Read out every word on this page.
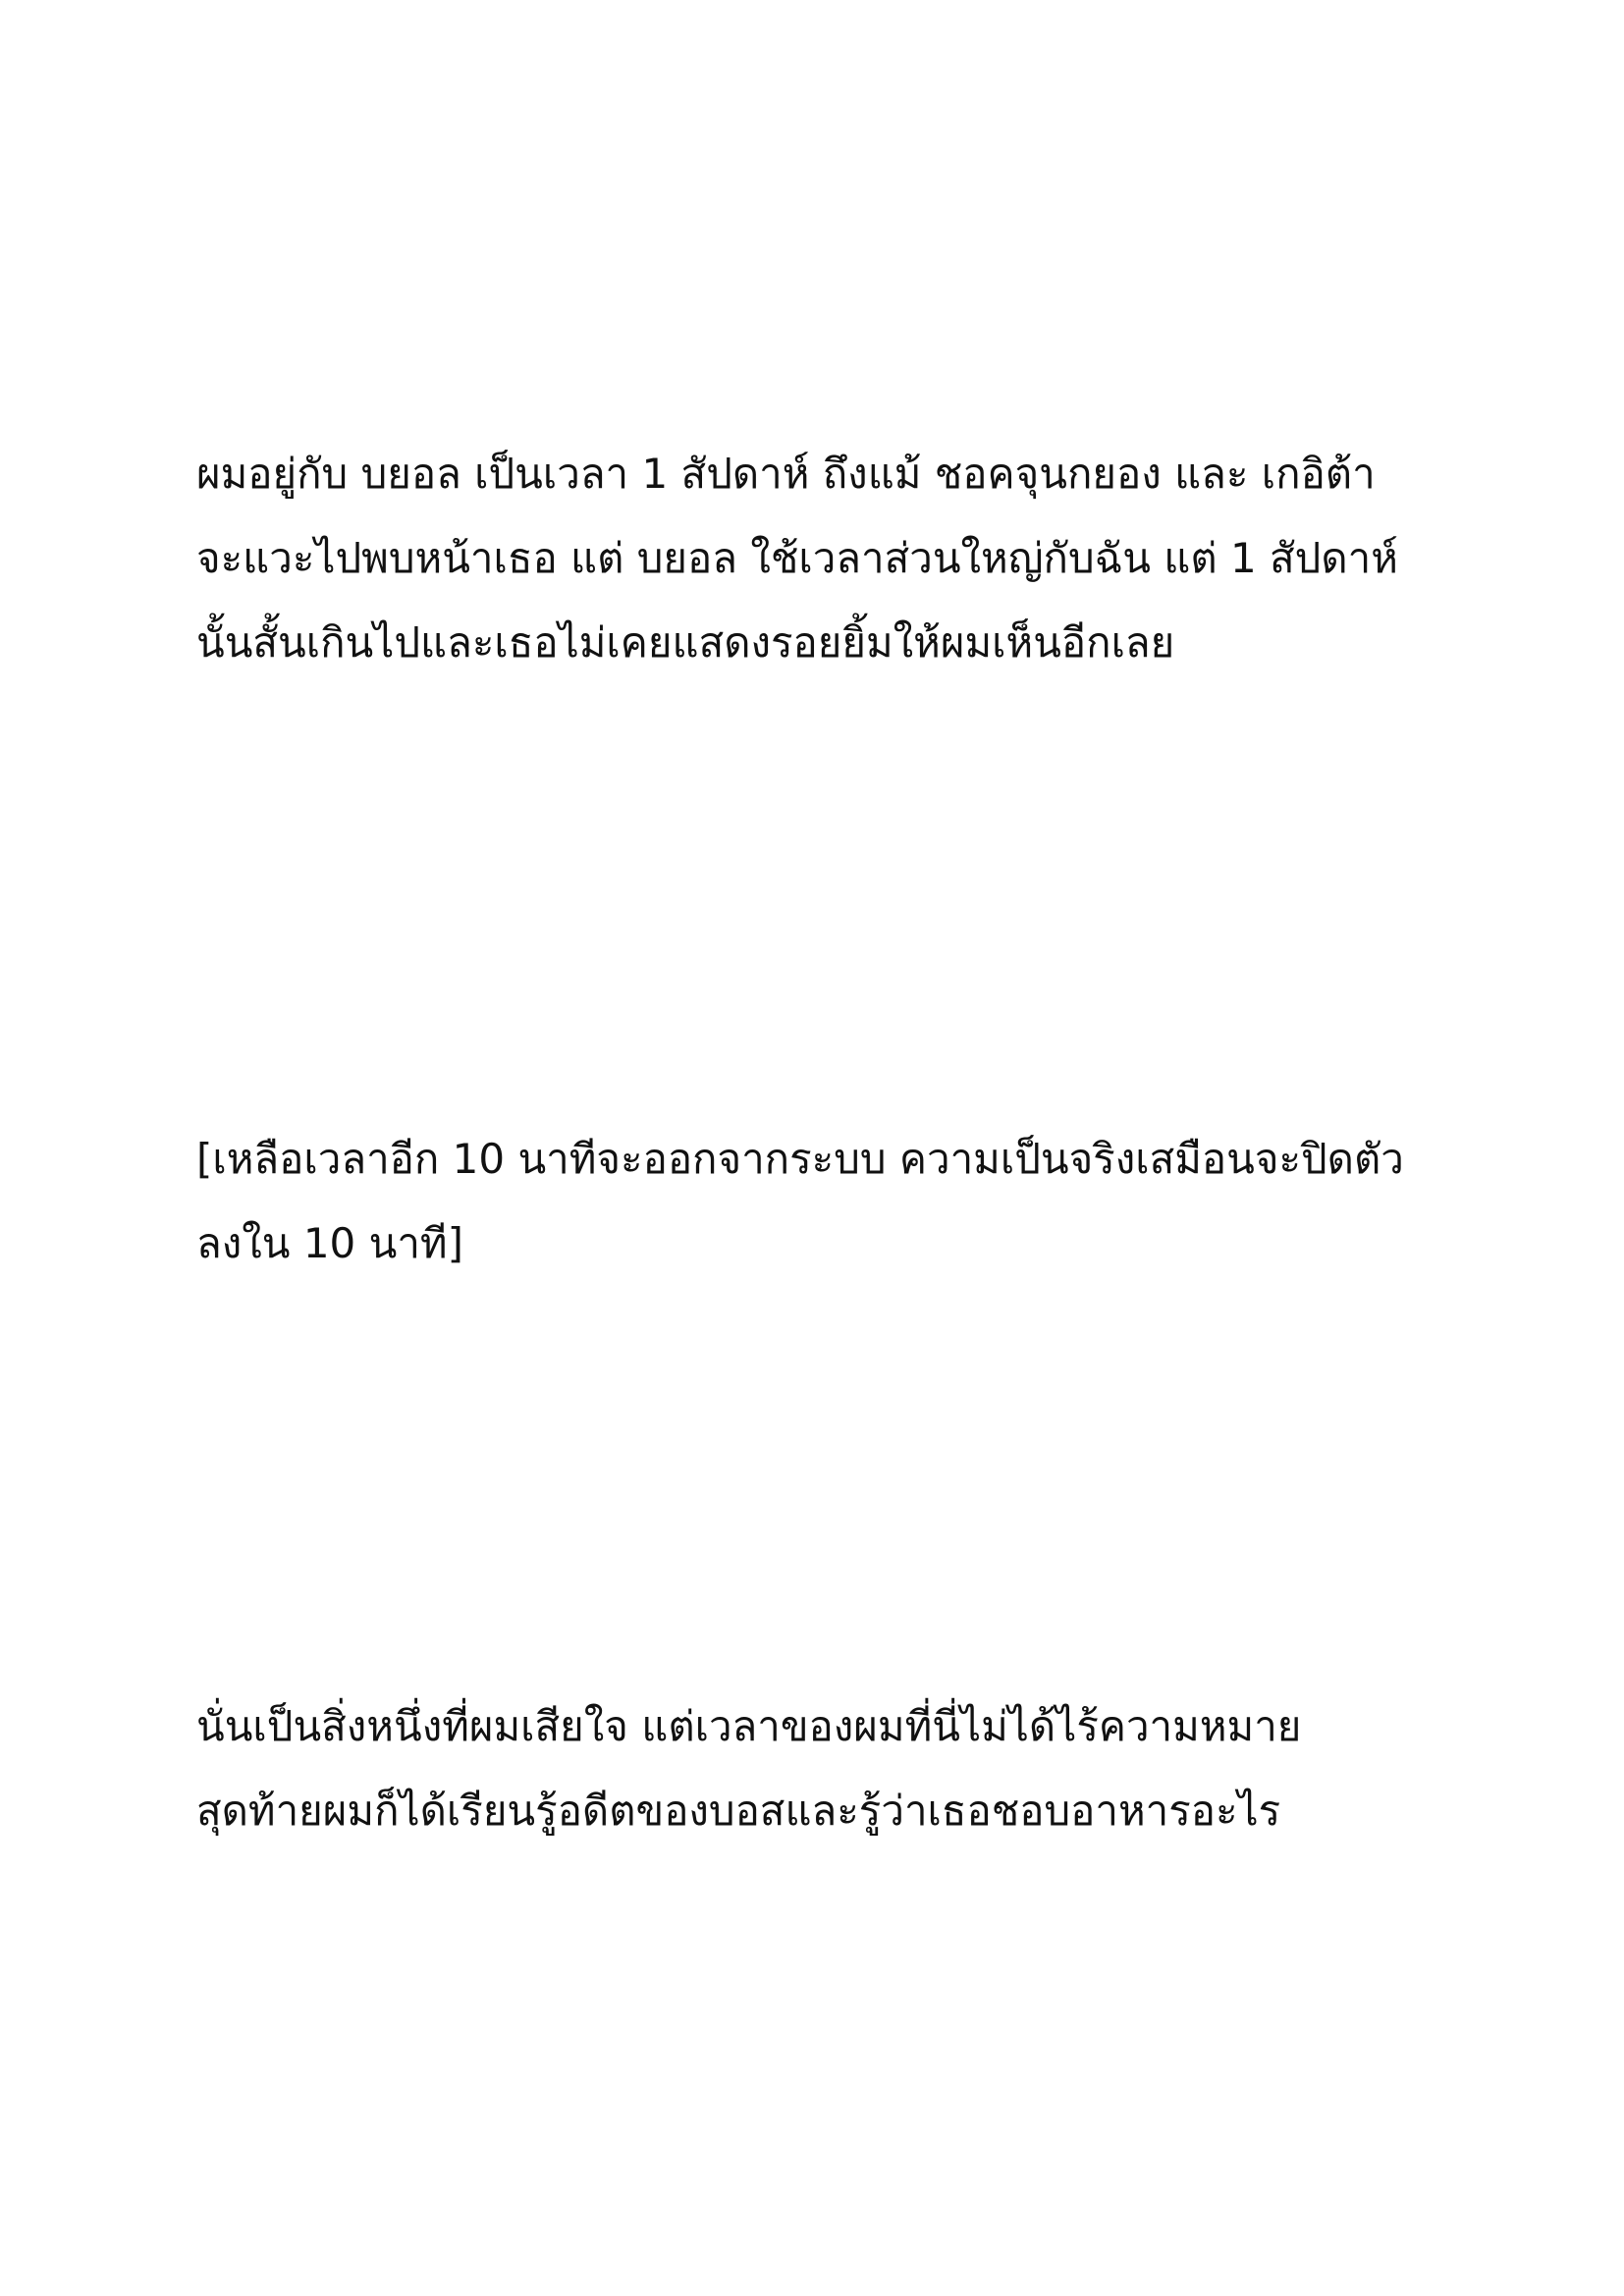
ผมอยู่กับ บยอล เป็นเวลา 1 สัปดาห์ ถึงแม้ ชอคจุนกยอง และ เกอิต้า
จะแวะไปพบหน้าเธอ แต่ บยอล ใช้เวลาส่วนใหญ่กับฉัน แต่ 1 สัปดาห์
นั้นสั้นเกินไปและเธอไม่เคยแสดงรอยยิ้มให้ผมเห็นอีกเลย
[เหลือเวลาอีก 10 นาทีจะออกจากระบบ ความเป็นจริงเสมือนจะปิดตัว
ลงใน 10 นาที]
นั่นเป็นสิ่งหนึ่งที่ผมเสียใจ แต่เวลาของผมที่นี่ไม่ได้ไร้ความหมาย
สุดท้ายผมก็ได้เรียนรู้อดีตของบอสและรู้ว่าเธอชอบอาหารอะไร
